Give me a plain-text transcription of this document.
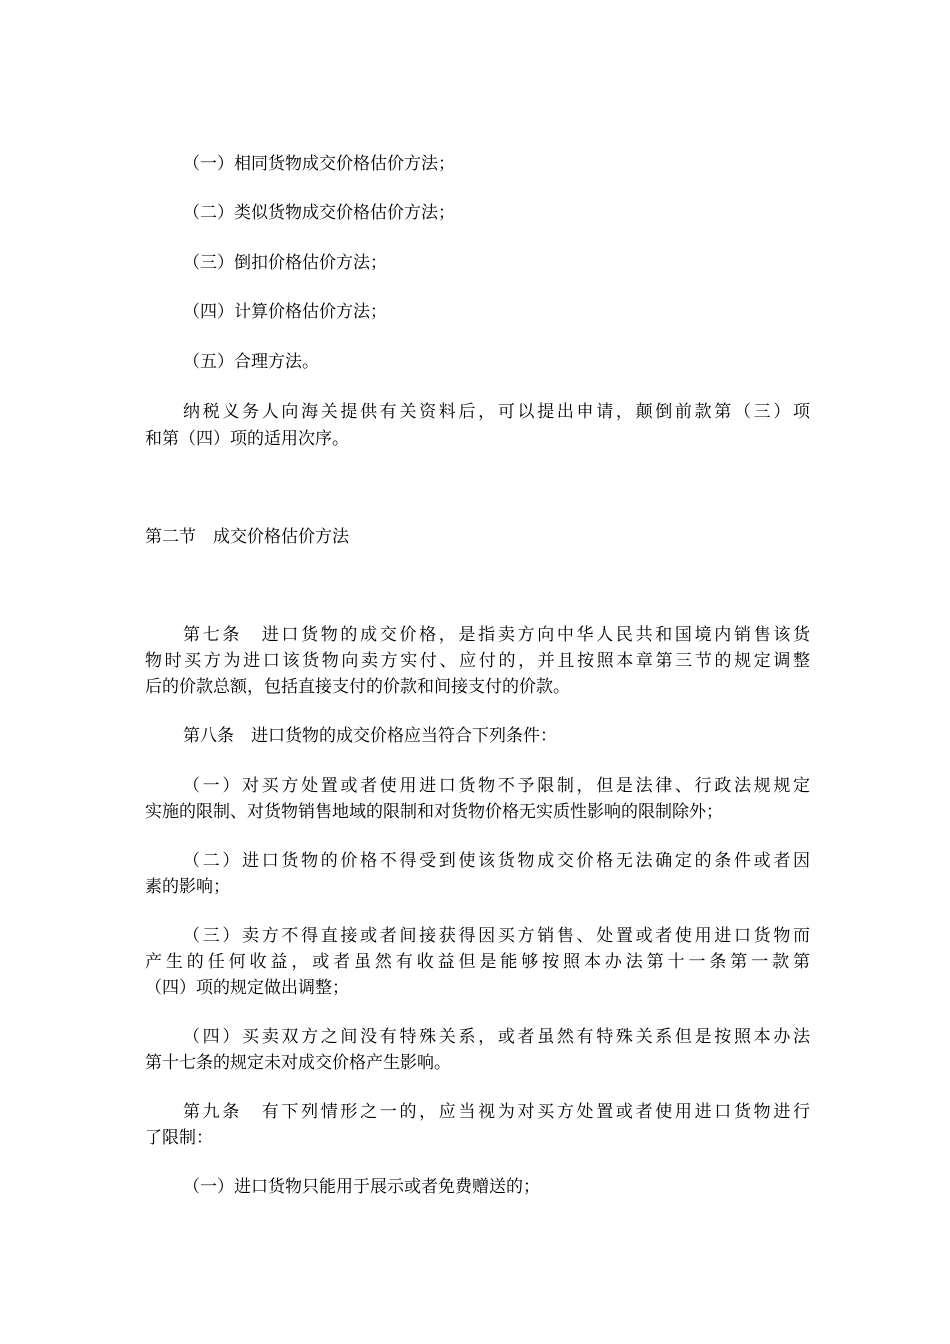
（一）相同货物成交价格估价方法；
（二）类似货物成交价格估价方法；
（三）倒扣价格估价方法；
（四）计算价格估价方法；
（五）合理方法。
纳税义务人向海关提供有关资料后，可以提出申请，颠倒前款第（三）项
和第（四）项的适用次序。
第二节　成交价格估价方法
第七条　进口货物的成交价格，是指卖方向中华人民共和国境内销售该货
物时买方为进口该货物向卖方实付、应付的，并且按照本章第三节的规定调整
后的价款总额，包括直接支付的价款和间接支付的价款。
第八条　进口货物的成交价格应当符合下列条件：
（一）对买方处置或者使用进口货物不予限制，但是法律、行政法规规定
实施的限制、对货物销售地域的限制和对货物价格无实质性影响的限制除外；
（二）进口货物的价格不得受到使该货物成交价格无法确定的条件或者因
素的影响；
（三）卖方不得直接或者间接获得因买方销售、处置或者使用进口货物而
产生的任何收益，或者虽然有收益但是能够按照本办法第十一条第一款第
（四）项的规定做出调整；
（四）买卖双方之间没有特殊关系，或者虽然有特殊关系但是按照本办法
第十七条的规定未对成交价格产生影响。
第九条　有下列情形之一的，应当视为对买方处置或者使用进口货物进行
了限制：
（一）进口货物只能用于展示或者免费赠送的；
